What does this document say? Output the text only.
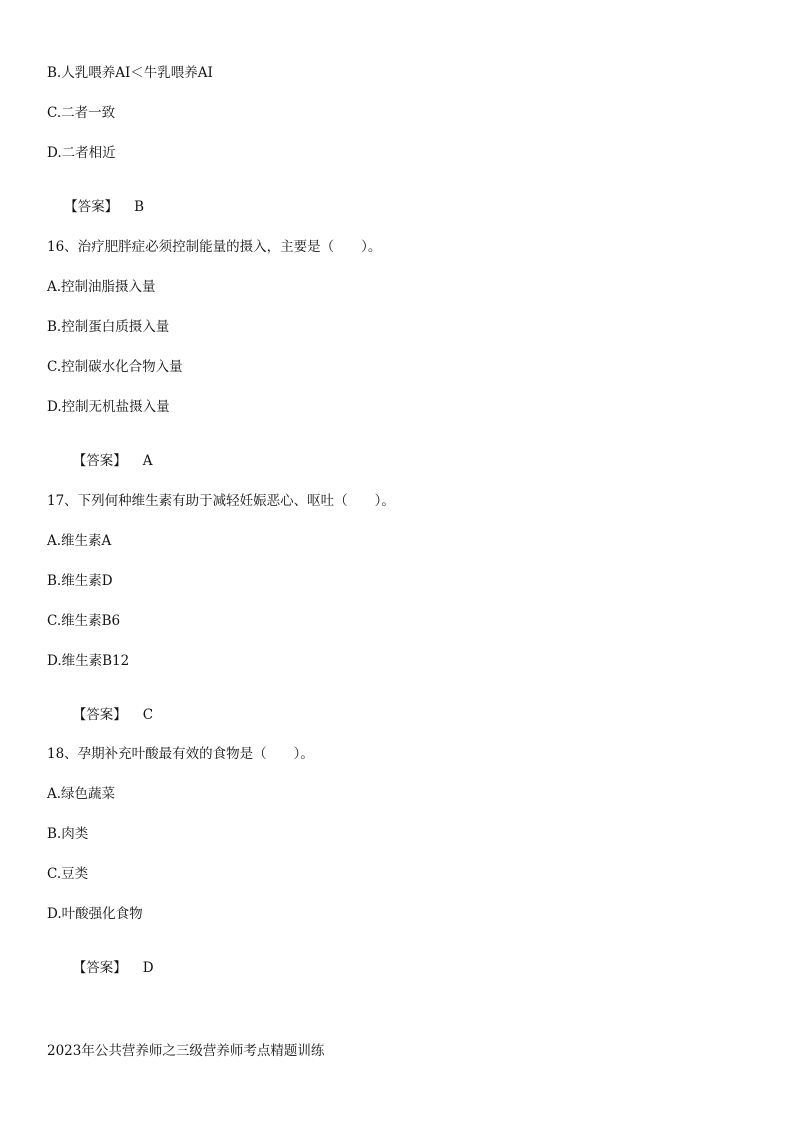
B.人乳喂养AI＜牛乳喂养AI
C.二者一致
D.二者相近

【答案】 B

16、治疗肥胖症必须控制能量的摄入，主要是（　　）。
A.控制油脂摄入量
B.控制蛋白质摄入量
C.控制碳水化合物入量
D.控制无机盐摄入量

【答案】 A

17、下列何种维生素有助于减轻妊娠恶心、呕吐（　　）。
A.维生素A
B.维生素D
C.维生素B6
D.维生素B12

【答案】 C

18、孕期补充叶酸最有效的食物是（　　）。
A.绿色蔬菜
B.肉类
C.豆类
D.叶酸强化食物

【答案】 D

2023年公共营养师之三级营养师考点精题训练
